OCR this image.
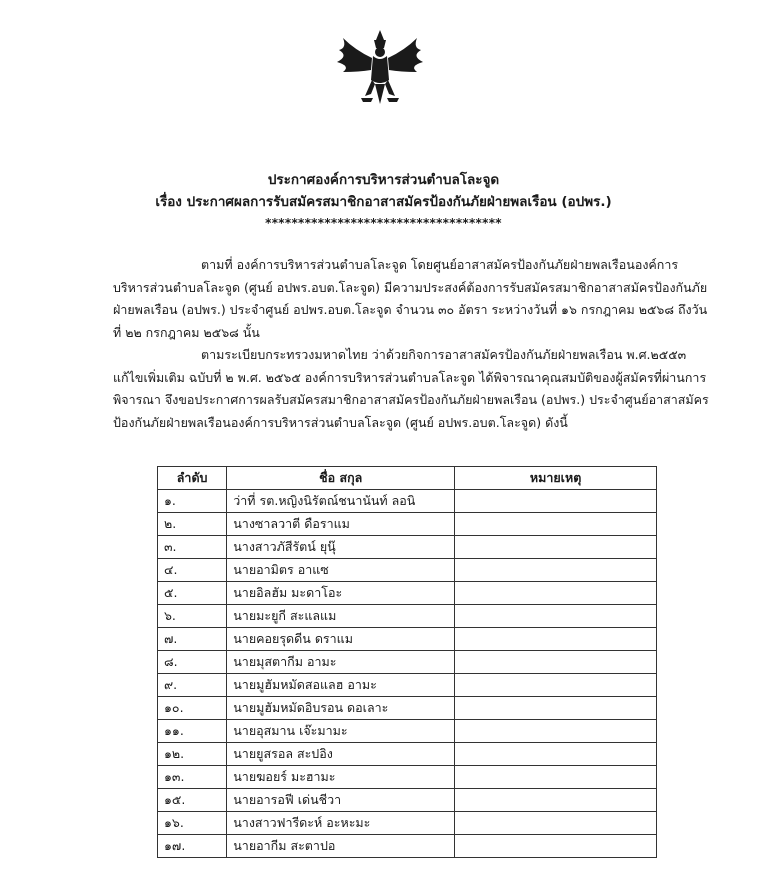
ประกาศองค์การบริหารส่วนตำบลโละจูด
เรื่อง ประกาศผลการรับสมัครสมาชิกอาสาสมัครป้องกันภัยฝ่ายพลเรือน (อปพร.)
************************************
ตามที่ องค์การบริหารส่วนตำบลโละจูด โดยศูนย์อาสาสมัครป้องกันภัยฝ่ายพลเรือนองค์การบริหารส่วนตำบลโละจูด (ศูนย์ อปพร.อบต.โละจูด) มีความประสงค์ต้องการรับสมัครสมาชิกอาสาสมัครป้องกันภัยฝ่ายพลเรือน (อปพร.) ประจำศูนย์ อปพร.อบต.โละจูด จำนวน ๓๐ อัตรา ระหว่างวันที่ ๑๖ กรกฎาคม ๒๕๖๘ ถึงวันที่ ๒๒ กรกฎาคม ๒๕๖๘ นั้น
ตามระเบียบกระทรวงมหาดไทย ว่าด้วยกิจการอาสาสมัครป้องกันภัยฝ่ายพลเรือน พ.ศ.๒๕๕๓ แก้ไขเพิ่มเติม ฉบับที่ ๒ พ.ศ. ๒๕๖๕ องค์การบริหารส่วนตำบลโละจูด ได้พิจารณาคุณสมบัติของผู้สมัครที่ผ่านการพิจารณา จึงขอประกาศการผลรับสมัครสมาชิกอาสาสมัครป้องกันภัยฝ่ายพลเรือน (อปพร.) ประจำศูนย์อาสาสมัครป้องกันภัยฝ่ายพลเรือนองค์การบริหารส่วนตำบลโละจูด (ศูนย์ อปพร.อบต.โละจูด) ดังนี้
ลำดับ	ชื่อ สกุล	หมายเหตุ
๑.	ว่าที่ รต.หญิงนิรัตณ์ชนานันท์ ลอนิ	
๒.	นางซาลวาตี ดือราแม	
๓.	นางสาวภัสีรัตน์ ยุนุ๊	
๔.	นายอามิตร อาแซ	
๕.	นายอิลฮัม มะดาโอะ	
๖.	นายมะยูกี สะแลแม	
๗.	นายคอยรุดดีน ดราแม	
๘.	นายมุสตากีม อามะ	
๙.	นายมูฮัมหมัดสอแลฮ อามะ	
๑๐.	นายมูฮัมหมัดอิบรอน ดอเลาะ	
๑๑.	นายอุสมาน เจ๊ะมามะ	
๑๒.	นายยูสรอล สะปอิง	
๑๓.	นายฆอยร์ มะฮามะ	
๑๕.	นายอารอฟี เด่นชีวา	
๑๖.	นางสาวฟารีดะห์ อะหะมะ	
๑๗.	นายอากีม สะตาปอ	
